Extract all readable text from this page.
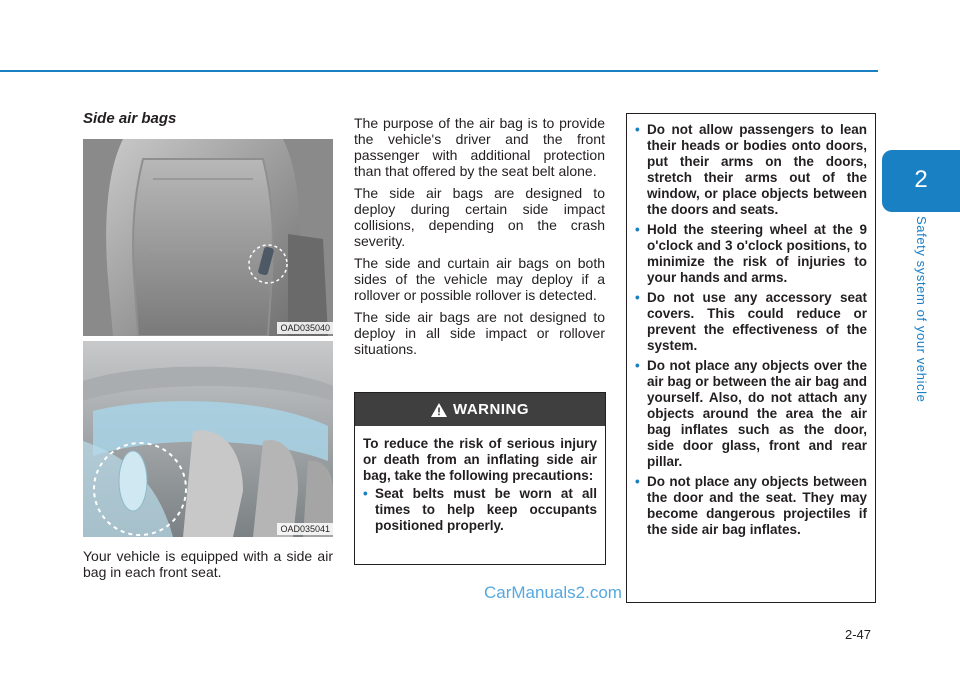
Side air bags
OAD035040
OAD035041

Your vehicle is equipped with a side air bag in each front seat.

The purpose of the air bag is to provide the vehicle's driver and the front passenger with additional protection than that offered by the seat belt alone.

The side air bags are designed to deploy during certain side impact collisions, depending on the crash severity.

The side and curtain air bags on both sides of the vehicle may deploy if a rollover or possible rollover is detected.

The side air bags are not designed to deploy in all side impact or rollover situations.

WARNING

To reduce the risk of serious injury or death from an inflating side air bag, take the following precautions:

• Seat belts must be worn at all times to help keep occupants positioned properly.
• Do not allow passengers to lean their heads or bodies onto doors, put their arms on the doors, stretch their arms out of the window, or place objects between the doors and seats.
• Hold the steering wheel at the 9 o'clock and 3 o'clock positions, to minimize the risk of injuries to your hands and arms.
• Do not use any accessory seat covers. This could reduce or prevent the effectiveness of the system.
• Do not place any objects over the air bag or between the air bag and yourself. Also, do not attach any objects around the area the air bag inflates such as the door, side door glass, front and rear pillar.
• Do not place any objects between the door and the seat. They may become dangerous projectiles if the side air bag inflates.
CarManuals2.com
2
Safety system of your vehicle
2-47
